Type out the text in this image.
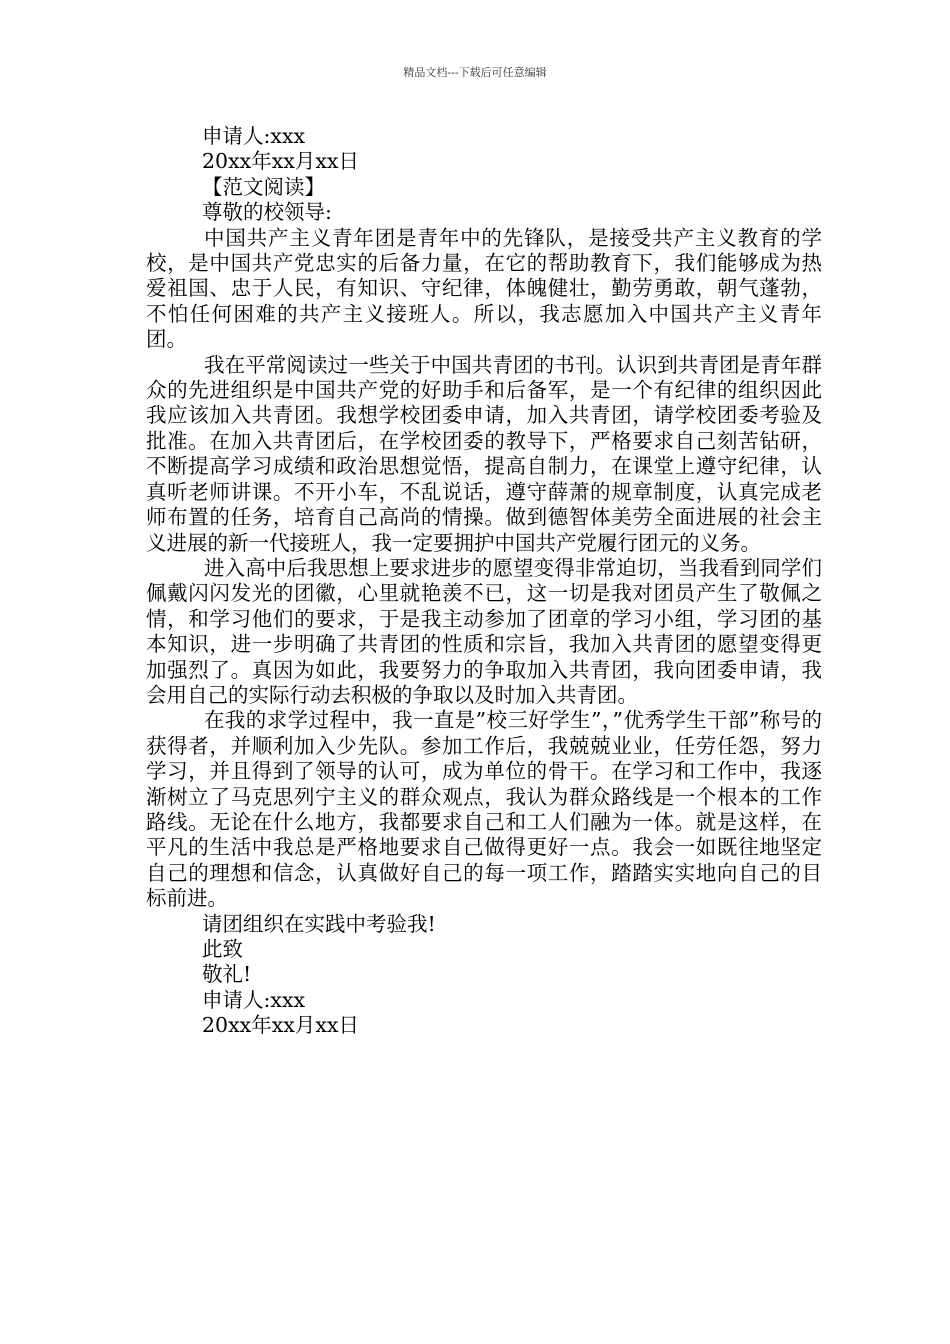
精品文档---下载后可任意编辑

申请人:xxx

20xx年xx月xx日

【范文阅读】

尊敬的校领导:

中国共产主义青年团是青年中的先锋队，是接受共产主义教育的学校，是中国共产党忠实的后备力量，在它的帮助教育下，我们能够成为热爱祖国、忠于人民，有知识、守纪律，体魄健壮，勤劳勇敢，朝气蓬勃，不怕任何困难的共产主义接班人。所以，我志愿加入中国共产主义青年团。

我在平常阅读过一些关于中国共青团的书刊。认识到共青团是青年群众的先进组织是中国共产党的好助手和后备军，是一个有纪律的组织因此我应该加入共青团。我想学校团委申请，加入共青团，请学校团委考验及批准。在加入共青团后，在学校团委的教导下，严格要求自己刻苦钻研，不断提高学习成绩和政治思想觉悟，提高自制力，在课堂上遵守纪律，认真听老师讲课。不开小车，不乱说话，遵守薛萧的规章制度，认真完成老师布置的任务，培育自己高尚的情操。做到德智体美劳全面进展的社会主义进展的新一代接班人，我一定要拥护中国共产党履行团元的义务。

进入高中后我思想上要求进步的愿望变得非常迫切，当我看到同学们佩戴闪闪发光的团徽，心里就艳羡不已，这一切是我对团员产生了敬佩之情，和学习他们的要求，于是我主动参加了团章的学习小组，学习团的基本知识，进一步明确了共青团的性质和宗旨，我加入共青团的愿望变得更加强烈了。真因为如此，我要努力的争取加入共青团，我向团委申请，我会用自己的实际行动去积极的争取以及时加入共青团。

在我的求学过程中，我一直是”校三好学生”，”优秀学生干部”称号的获得者，并顺利加入少先队。参加工作后，我兢兢业业，任劳任怨，努力学习，并且得到了领导的认可，成为单位的骨干。在学习和工作中，我逐渐树立了马克思列宁主义的群众观点，我认为群众路线是一个根本的工作路线。无论在什么地方，我都要求自己和工人们融为一体。就是这样，在平凡的生活中我总是严格地要求自己做得更好一点。我会一如既往地坚定自己的理想和信念，认真做好自己的每一项工作，踏踏实实地向自己的目标前进。

请团组织在实践中考验我!

此致

敬礼!

申请人:xxx

20xx年xx月xx日
